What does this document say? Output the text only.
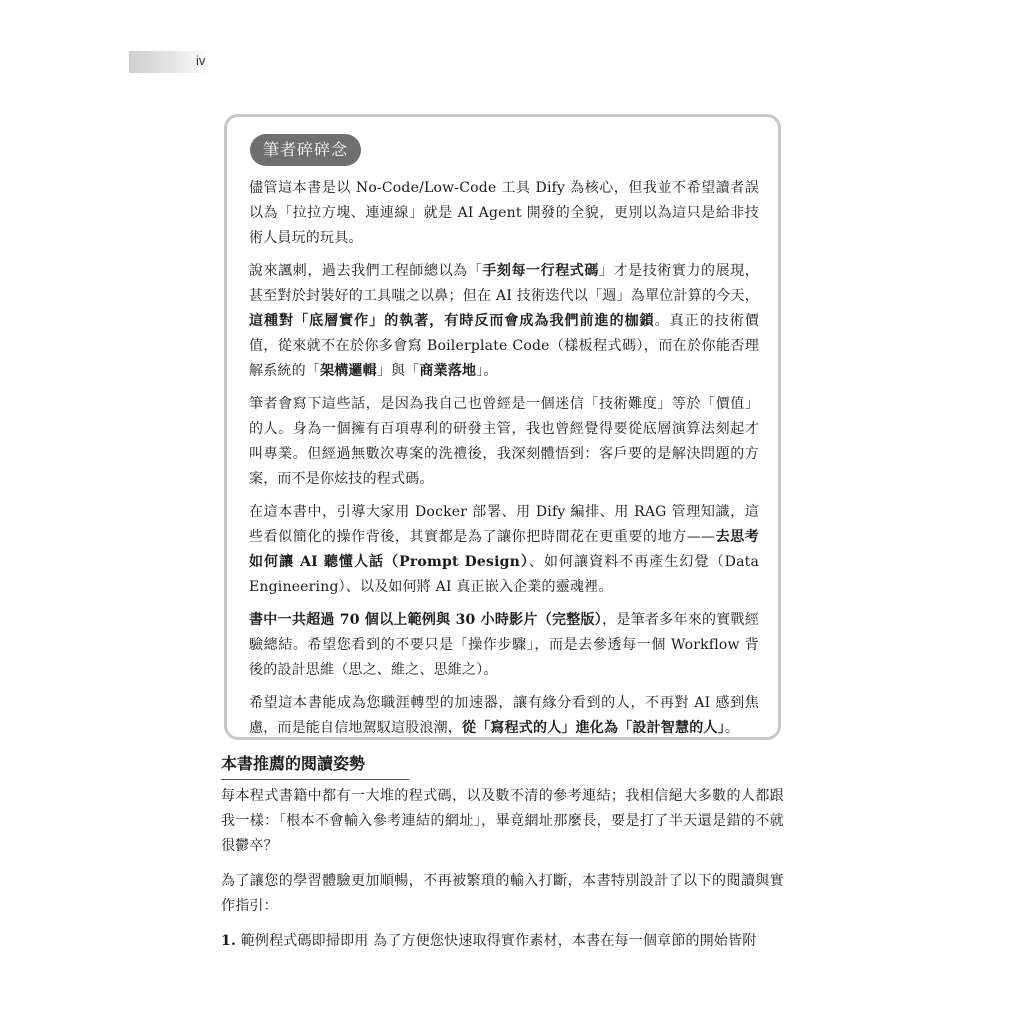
iv
筆者碎碎念

儘管這本書是以 No-Code/Low-Code 工具 Dify 為核心，但我並不希望讀者誤以為「拉拉方塊、連連線」就是 AI Agent 開發的全貌，更別以為這只是給非技術人員玩的玩具。

說來諷刺，過去我們工程師總以為「手刻每一行程式碼」才是技術實力的展現，甚至對於封裝好的工具嗤之以鼻；但在 AI 技術迭代以「週」為單位計算的今天，這種對「底層實作」的執著，有時反而會成為我們前進的枷鎖。真正的技術價值，從來就不在於你多會寫 Boilerplate Code（樣板程式碼），而在於你能否理解系統的「架構邏輯」與「商業落地」。

筆者會寫下這些話，是因為我自己也曾經是一個迷信「技術難度」等於「價值」的人。身為一個擁有百項專利的研發主管，我也曾經覺得要從底層演算法刻起才叫專業。但經過無數次專案的洗禮後，我深刻體悟到：客戶要的是解決問題的方案，而不是你炫技的程式碼。

在這本書中，引導大家用 Docker 部署、用 Dify 編排、用 RAG 管理知識，這些看似簡化的操作背後，其實都是為了讓你把時間花在更重要的地方——去思考如何讓 AI 聽懂人話（Prompt Design）、如何讓資料不再產生幻覺（Data Engineering）、以及如何將 AI 真正嵌入企業的靈魂裡。

書中一共超過 70 個以上範例與 30 小時影片（完整版），是筆者多年來的實戰經驗總結。希望您看到的不要只是「操作步驟」，而是去參透每一個 Workflow 背後的設計思維（思之、維之、思維之）。

希望這本書能成為您職涯轉型的加速器，讓有緣分看到的人，不再對 AI 感到焦慮，而是能自信地駕馭這股浪潮，從「寫程式的人」進化為「設計智慧的人」。

本書推薦的閱讀姿勢

每本程式書籍中都有一大堆的程式碼，以及數不清的參考連結；我相信絕大多數的人都跟我一樣：「根本不會輸入參考連結的網址」，畢竟網址那麼長，要是打了半天還是錯的不就很鬱卒？

為了讓您的學習體驗更加順暢，不再被繁瑣的輸入打斷，本書特別設計了以下的閱讀與實作指引：

1. 範例程式碼即掃即用 為了方便您快速取得實作素材，本書在每一個章節的開始皆附
